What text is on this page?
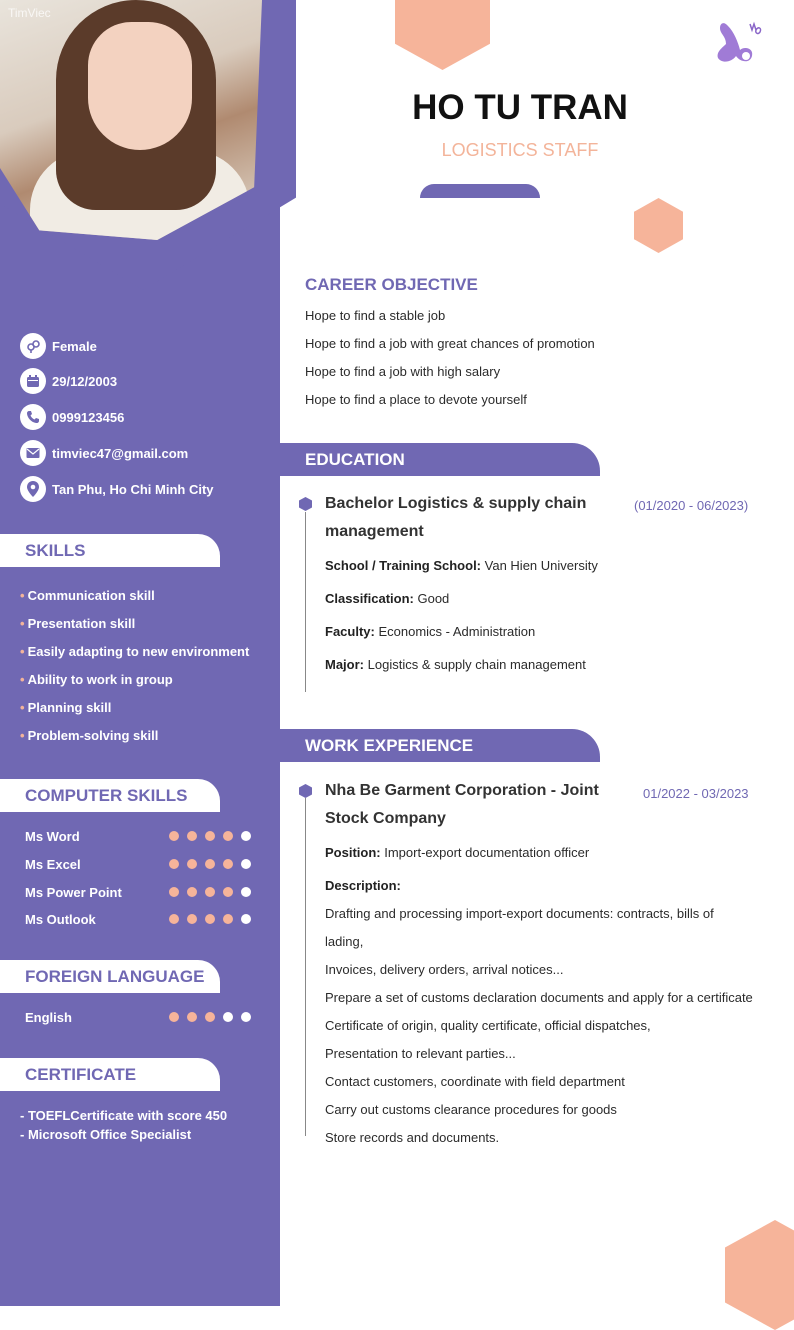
TimViec
Female
29/12/2003
0999123456
timviec47@gmail.com
Tan Phu, Ho Chi Minh City
SKILLS
• Communication skill
• Presentation skill
• Easily adapting to new environment
• Ability to work in group
• Planning skill
• Problem-solving skill
COMPUTER SKILLS
Ms Word
Ms Excel
Ms Power Point
Ms Outlook
FOREIGN LANGUAGE
English
CERTIFICATE
- TOEFLCertificate with score 450
- Microsoft Office Specialist
HO TU TRAN
LOGISTICS STAFF
CAREER OBJECTIVE
Hope to find a stable job
Hope to find a job with great chances of promotion
Hope to find a job with high salary
Hope to find a place to devote yourself
EDUCATION
Bachelor Logistics & supply chain management
(01/2020 - 06/2023)
School / Training School: Van Hien University
Classification: Good
Faculty: Economics - Administration
Major: Logistics & supply chain management
WORK EXPERIENCE
Nha Be Garment Corporation - Joint Stock Company
01/2022 - 03/2023
Position: Import-export documentation officer
Description:
Drafting and processing import-export documents: contracts, bills of
lading,
Invoices, delivery orders, arrival notices...
Prepare a set of customs declaration documents and apply for a certificate
Certificate of origin, quality certificate, official dispatches,
Presentation to relevant parties...
Contact customers, coordinate with field department
Carry out customs clearance procedures for goods
Store records and documents.
